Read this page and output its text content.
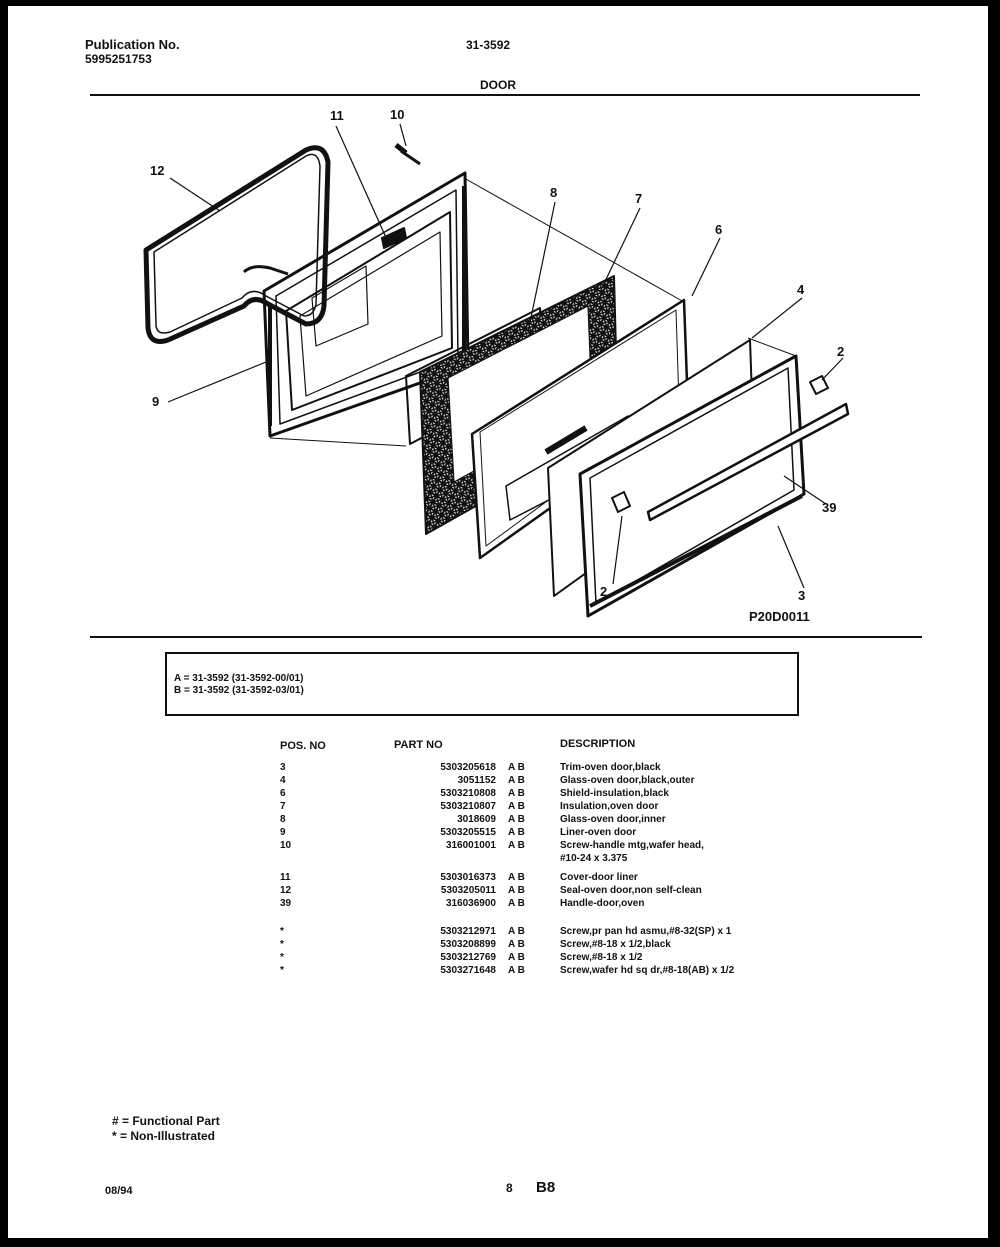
Publication No.
5995251753
31-3592
DOOR
12
11	10
8	7
6
4
2
9
39
2	3
P20D0011
A = 31-3592 (31-3592-00/01)
B = 31-3592 (31-3592-03/01)
POS. NO	PART NO	DESCRIPTION
3	5303205618 A B	Trim-oven door,black
4	3051152 A B	Glass-oven door,black,outer
6	5303210808 A B	Shield-insulation,black
7	5303210807 A B	Insulation,oven door
8	3018609 A B	Glass-oven door,inner
9	5303205515 A B	Liner-oven door
10	316001001 A B	Screw-handle mtg,wafer head,
#10-24 x 3.375
11	5303016373 A B	Cover-door liner
12	5303205011 A B	Seal-oven door,non self-clean
39	316036900 A B	Handle-door,oven
*	5303212971 A B	Screw,pr pan hd asmu,#8-32(SP) x 1
*	5303208899 A B	Screw,#8-18 x 1/2,black
*	5303212769 A B	Screw,#8-18 x 1/2
*	5303271648 A B	Screw,wafer hd sq dr,#8-18(AB) x 1/2
# = Functional Part
* = Non-Illustrated
08/94	8 B8
